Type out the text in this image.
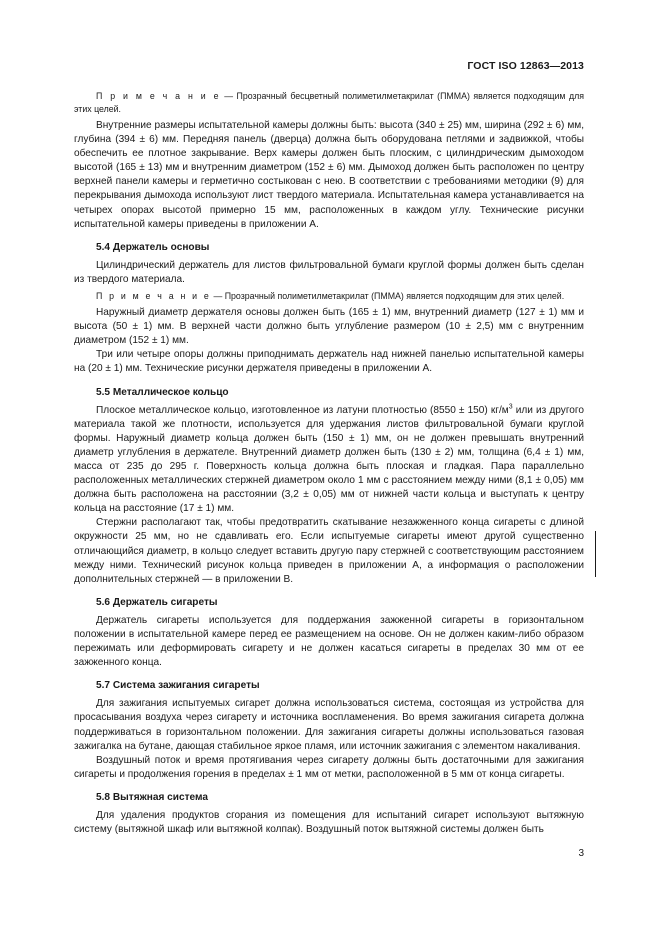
ГОСТ ISO 12863—2013

П р и м е ч а н и е — Прозрачный бесцветный полиметилметакрилат (ПММА) является подходящим для этих целей.

Внутренние размеры испытательной камеры должны быть: высота (340 ± 25) мм, ширина (292 ± 6) мм, глубина (394 ± 6) мм. Передняя панель (дверца) должна быть оборудована петлями и задвижкой, чтобы обеспечить ее плотное закрывание. Верх камеры должен быть плоским, с цилиндрическим дымоходом высотой (165 ± 13) мм и внутренним диаметром (152 ± 6) мм. Дымоход должен быть расположен по центру верхней панели камеры и герметично состыкован с нею. В соответствии с требованиями методики (9) для перекрывания дымохода используют лист твердого материала. Испытательная камера устанавливается на четырех опорах высотой примерно 15 мм, расположенных в каждом углу. Технические рисунки испытательной камеры приведены в приложении А.

5.4 Держатель основы

Цилиндрический держатель для листов фильтровальной бумаги круглой формы должен быть сделан из твердого материала.

П р и м е ч а н и е — Прозрачный полиметилметакрилат (ПММА) является подходящим для этих целей.

Наружный диаметр держателя основы должен быть (165 ± 1) мм, внутренний диаметр (127 ± 1) мм и высота (50 ± 1) мм. В верхней части должно быть углубление размером (10 ± 2,5) мм с внутренним диаметром (152 ± 1) мм.

Три или четыре опоры должны приподнимать держатель над нижней панелью испытательной камеры на (20 ± 1) мм. Технические рисунки держателя приведены в приложении А.

5.5 Металлическое кольцо

Плоское металлическое кольцо, изготовленное из латуни плотностью (8550 ± 150) $кг/м^3$ или из другого материала такой же плотности, используется для удержания листов фильтровальной бумаги круглой формы. Наружный диаметр кольца должен быть (150 ± 1) мм, он не должен превышать внутренний диаметр углубления в держателе. Внутренний диаметр должен быть (130 ± 2) мм, толщина (6,4 ± 1) мм, масса от 235 до 295 г. Поверхность кольца должна быть плоская и гладкая. Пара параллельно расположенных металлических стержней диаметром около 1 мм с расстоянием между ними (8,1 ± 0,05) мм должна быть расположена на расстоянии (3,2 ± 0,05) мм от нижней части кольца и выступать к центру кольца на расстояние (17 ± 1) мм.

Стержни располагают так, чтобы предотвратить скатывание незажженного конца сигареты с длиной окружности 25 мм, но не сдавливать его. Если испытуемые сигареты имеют другой существенно отличающийся диаметр, в кольцо следует вставить другую пару стержней с соответствующим расстоянием между ними. Технический рисунок кольца приведен в приложении А, а информация о расположении дополнительных стержней — в приложении В.

5.6 Держатель сигареты

Держатель сигареты используется для поддержания зажженной сигареты в горизонтальном положении в испытательной камере перед ее размещением на основе. Он не должен каким-либо образом пережимать или деформировать сигарету и не должен касаться сигареты в пределах 30 мм от ее зажженного конца.

5.7 Система зажигания сигареты

Для зажигания испытуемых сигарет должна использоваться система, состоящая из устройства для просасывания воздуха через сигарету и источника воспламенения. Во время зажигания сигарета должна поддерживаться в горизонтальном положении. Для зажигания сигареты должны использоваться газовая зажигалка на бутане, дающая стабильное яркое пламя, или источник зажигания с элементом накаливания.

Воздушный поток и время протягивания через сигарету должны быть достаточными для зажигания сигареты и продолжения горения в пределах ± 1 мм от метки, расположенной в 5 мм от конца сигареты.

5.8 Вытяжная система

Для удаления продуктов сгорания из помещения для испытаний сигарет используют вытяжную систему (вытяжной шкаф или вытяжной колпак). Воздушный поток вытяжной системы должен быть

3
